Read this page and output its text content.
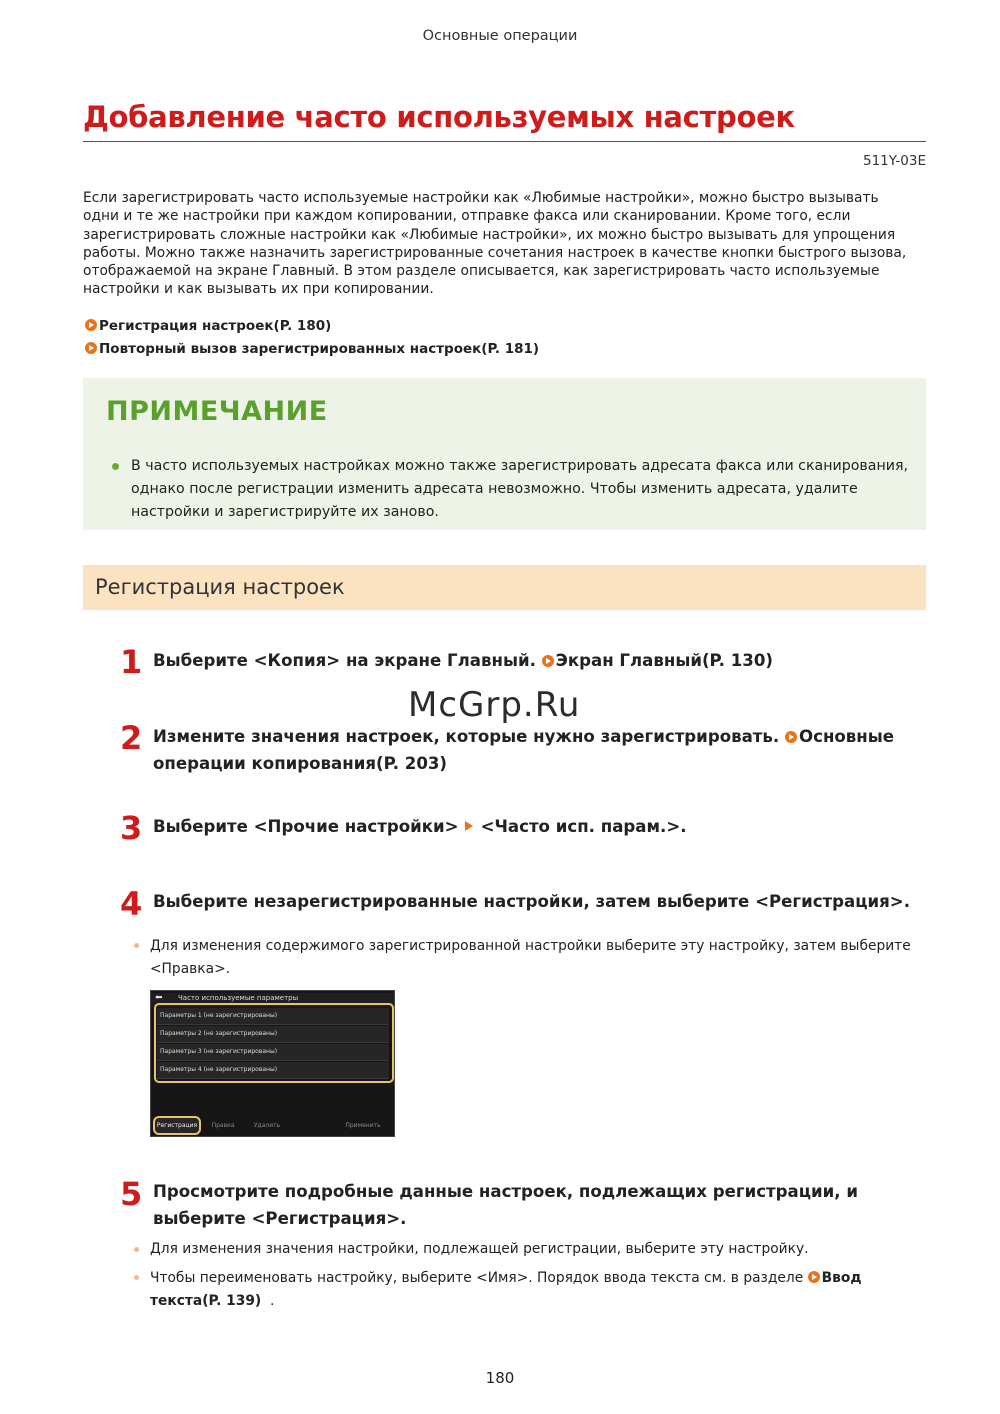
Основные операции
Добавление часто используемых настроек
511Y-03E
Если зарегистрировать часто используемые настройки как «Любимые настройки», можно быстро вызывать
одни и те же настройки при каждом копировании, отправке факса или сканировании. Кроме того, если
зарегистрировать сложные настройки как «Любимые настройки», их можно быстро вызывать для упрощения
работы. Можно также назначить зарегистрированные сочетания настроек в качестве кнопки быстрого вызова,
отображаемой на экране Главный. В этом разделе описывается, как зарегистрировать часто используемые
настройки и как вызывать их при копировании.
Регистрация настроек(P. 180)
Повторный вызов зарегистрированных настроек(P. 181)
ПРИМЕЧАНИЕ
В часто используемых настройках можно также зарегистрировать адресата факса или сканирования,
однако после регистрации изменить адресата невозможно. Чтобы изменить адресата, удалите
настройки и зарегистрируйте их заново.
Регистрация настроек
1 Выберите <Копия> на экране Главный. Экран Главный(P. 130)
2 Измените значения настроек, которые нужно зарегистрировать. Основные
операции копирования(P. 203)
3 Выберите <Прочие настройки> <Часто исп. парам.>.
4 Выберите незарегистрированные настройки, затем выберите <Регистрация>.
Для изменения содержимого зарегистрированной настройки выберите эту настройку, затем выберите
<Правка>.
⬅ Часто используемые параметры
Параметры 1 (не зарегистрированы)
Параметры 2 (не зарегистрированы)
Параметры 3 (не зарегистрированы)
Параметры 4 (не зарегистрированы)
Регистрация	Правка	Удалить	Применить
5 Просмотрите подробные данные настроек, подлежащих регистрации, и
выберите <Регистрация>.
Для изменения значения настройки, подлежащей регистрации, выберите эту настройку.
Чтобы переименовать настройку, выберите <Имя>. Порядок ввода текста см. в разделе Ввод
текста(P. 139) .
McGrp.Ru
180
